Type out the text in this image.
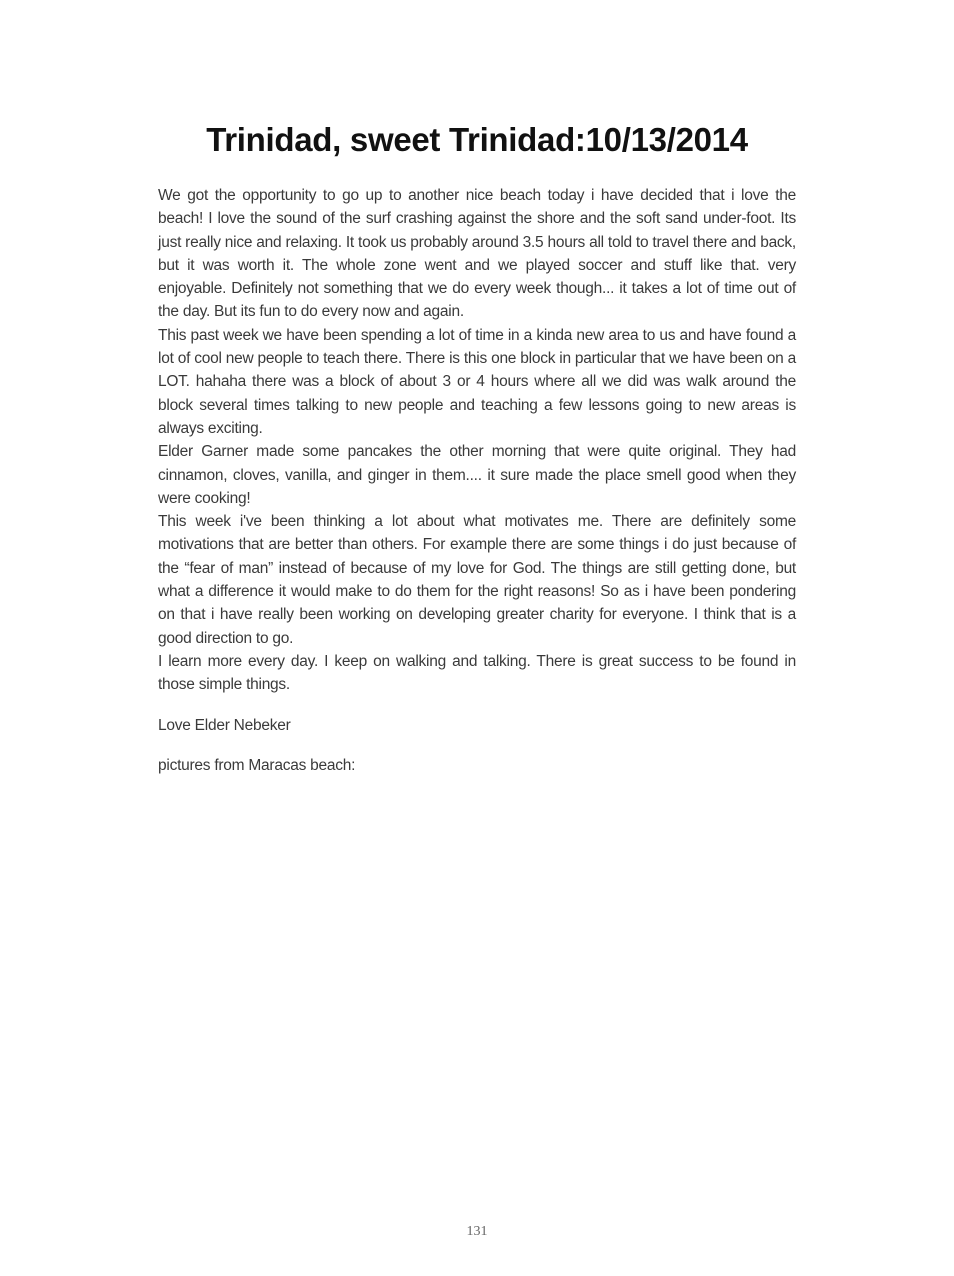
Trinidad, sweet Trinidad:10/13/2014

We got the opportunity to go up to another nice beach today i have decided that i love the beach! I love the sound of the surf crashing against the shore and the soft sand under-foot. Its just really nice and relaxing. It took us probably around 3.5 hours all told to travel there and back, but it was worth it. The whole zone went and we played soccer and stuff like that. very enjoyable. Definitely not something that we do every week though... it takes a lot of time out of the day. But its fun to do every now and again.

This past week we have been spending a lot of time in a kinda new area to us and have found a lot of cool new people to teach there. There is this one block in particular that we have been on a LOT. hahaha there was a block of about 3 or 4 hours where all we did was walk around the block several times talking to new people and teaching a few lessons going to new areas is always exciting.

Elder Garner made some pancakes the other morning that were quite original. They had cinnamon, cloves, vanilla, and ginger in them.... it sure made the place smell good when they were cooking!

This week i've been thinking a lot about what motivates me. There are definitely some motivations that are better than others. For example there are some things i do just because of the “fear of man” instead of because of my love for God. The things are still getting done, but what a difference it would make to do them for the right reasons! So as i have been pondering on that i have really been working on developing greater charity for everyone. I think that is a good direction to go.

I learn more every day. I keep on walking and talking. There is great success to be found in those simple things.

Love Elder Nebeker

pictures from Maracas beach:

131
